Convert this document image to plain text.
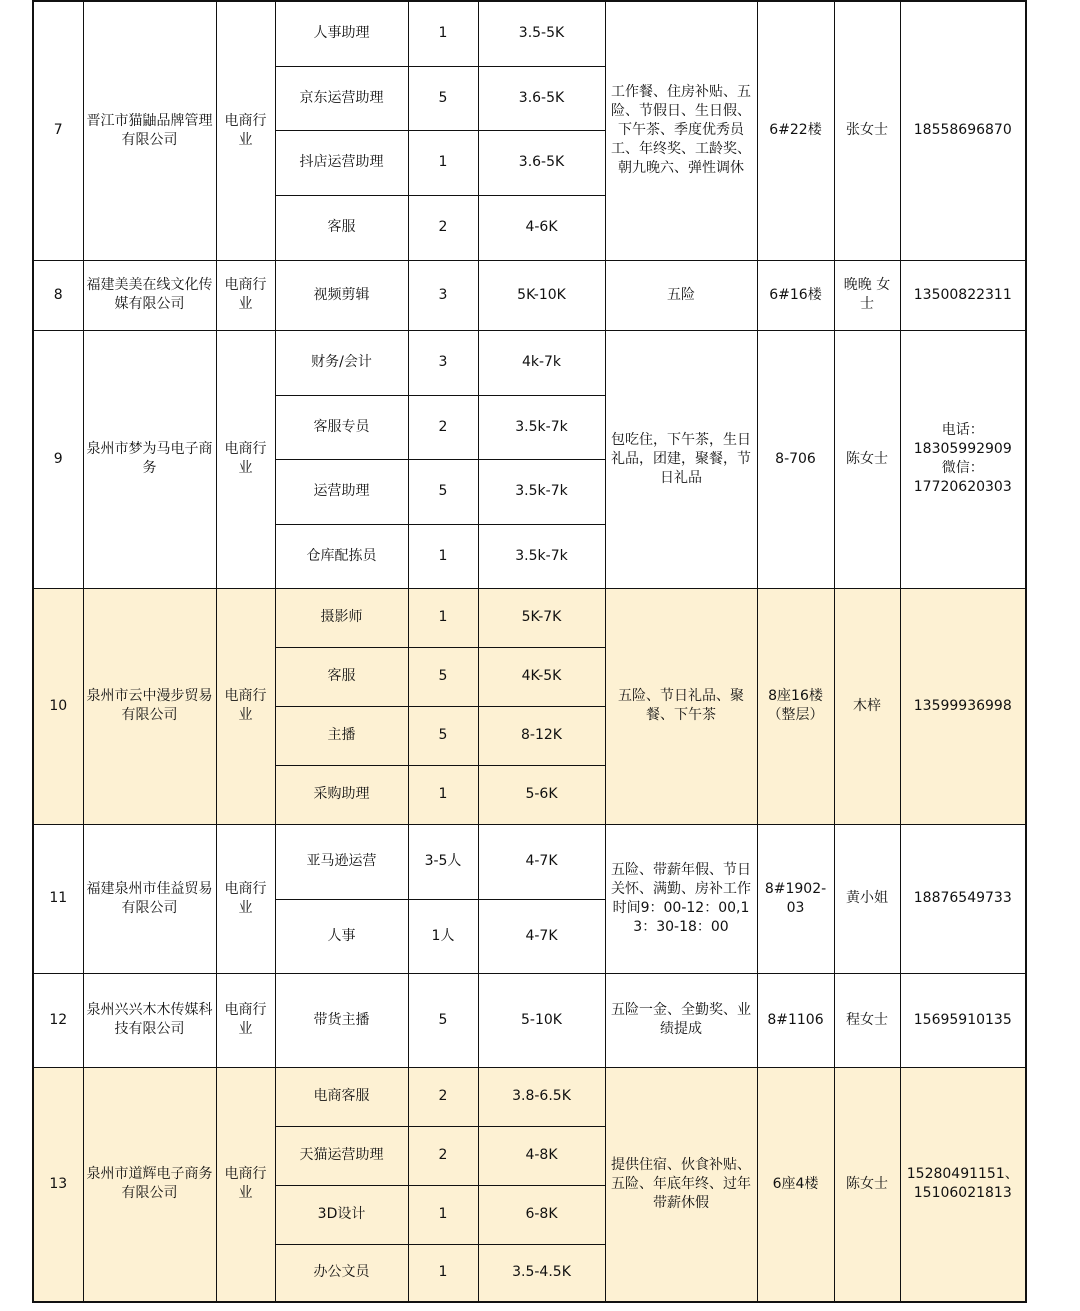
7	晋江市猫鼬品牌管理有限公司	电商行业	人事助理	1	3.5-5K	工作餐、住房补贴、五险、节假日、生日假、下午茶、季度优秀员工、年终奖、工龄奖、朝九晚六、弹性调休	6#22楼	张女士	18558696870
			京东运营助理	5	3.6-5K				
			抖店运营助理	1	3.6-5K				
			客服	2	4-6K				
8	福建美美在线文化传媒有限公司	电商行业	视频剪辑	3	5K-10K	五险	6#16楼	晚晚 女士	13500822311
9	泉州市梦为马电子商务	电商行业	财务/会计	3	4k-7k	包吃住，下午茶，生日礼品，团建，聚餐，节日礼品	8-706	陈女士	电话：
18305992909
微信：
17720620303
			客服专员	2	3.5k-7k				
			运营助理	5	3.5k-7k				
			仓库配拣员	1	3.5k-7k				
10	泉州市云中漫步贸易有限公司	电商行业	摄影师	1	5K-7K	五险、节日礼品、聚餐、下午茶	8座16楼
（整层）	木梓	13599936998
			客服	5	4K-5K				
			主播	5	8-12K				
			采购助理	1	5-6K				
11	福建泉州市佳益贸易有限公司	电商行业	亚马逊运营	3-5人	4-7K	五险、带薪年假、节日关怀、满勤、房补工作时间9：00-12：00,13：30-18：00	8#1902-03	黄小姐	18876549733
			人事	1人	4-7K				
12	泉州兴兴木木传媒科技有限公司	电商行业	带货主播	5	5-10K	五险一金、全勤奖、业绩提成	8#1106	程女士	15695910135
13	泉州市道辉电子商务有限公司	电商行业	电商客服	2	3.8-6.5K	提供住宿、伙食补贴、五险、年底年终、过年带薪休假	6座4楼	陈女士	15280491151、
15106021813
			天猫运营助理	2	4-8K				
			3D设计	1	6-8K				
			办公文员	1	3.5-4.5K				
